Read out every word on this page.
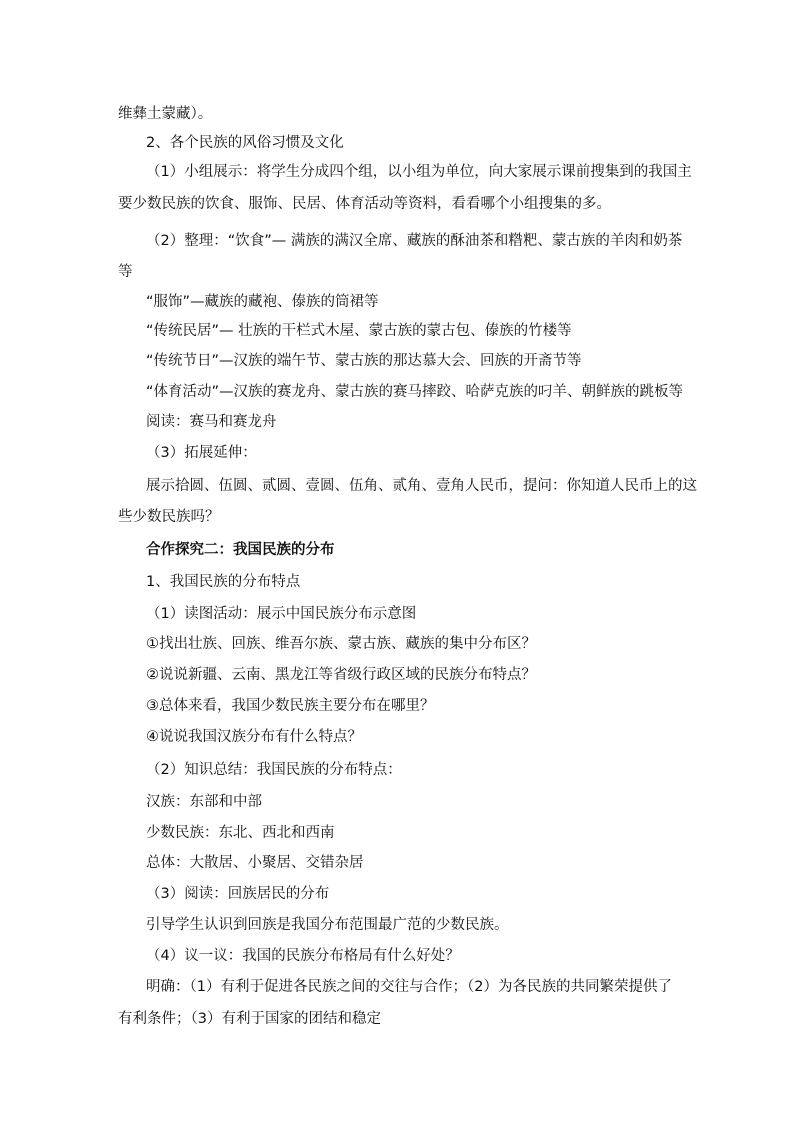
维彝土蒙藏）。
2、各个民族的风俗习惯及文化
（1）小组展示：将学生分成四个组，以小组为单位，向大家展示课前搜集到的我国主
要少数民族的饮食、服饰、民居、体育活动等资料，看看哪个小组搜集的多。
（2）整理：“饮食”— 满族的满汉全席、藏族的酥油茶和糌粑、蒙古族的羊肉和奶茶
等
“服饰”—藏族的藏袍、傣族的筒裙等
“传统民居”— 壮族的干栏式木屋、蒙古族的蒙古包、傣族的竹楼等
“传统节日”—汉族的端午节、蒙古族的那达慕大会、回族的开斋节等
“体育活动”—汉族的赛龙舟、蒙古族的赛马摔跤、哈萨克族的叼羊、朝鲜族的跳板等
阅读：赛马和赛龙舟
（3）拓展延伸：
展示拾圆、伍圆、贰圆、壹圆、伍角、贰角、壹角人民币，提问：你知道人民币上的这
些少数民族吗？
合作探究二：我国民族的分布
1、我国民族的分布特点
（1）读图活动：展示中国民族分布示意图
①找出壮族、回族、维吾尔族、蒙古族、藏族的集中分布区？
②说说新疆、云南、黑龙江等省级行政区域的民族分布特点？
③总体来看，我国少数民族主要分布在哪里？
④说说我国汉族分布有什么特点？
（2）知识总结：我国民族的分布特点：
汉族：东部和中部
少数民族：东北、西北和西南
总体：大散居、小聚居、交错杂居
（3）阅读：回族居民的分布
引导学生认识到回族是我国分布范围最广范的少数民族。
（4）议一议：我国的民族分布格局有什么好处？
明确：（1）有利于促进各民族之间的交往与合作；（2）为各民族的共同繁荣提供了
有利条件；（3）有利于国家的团结和稳定
